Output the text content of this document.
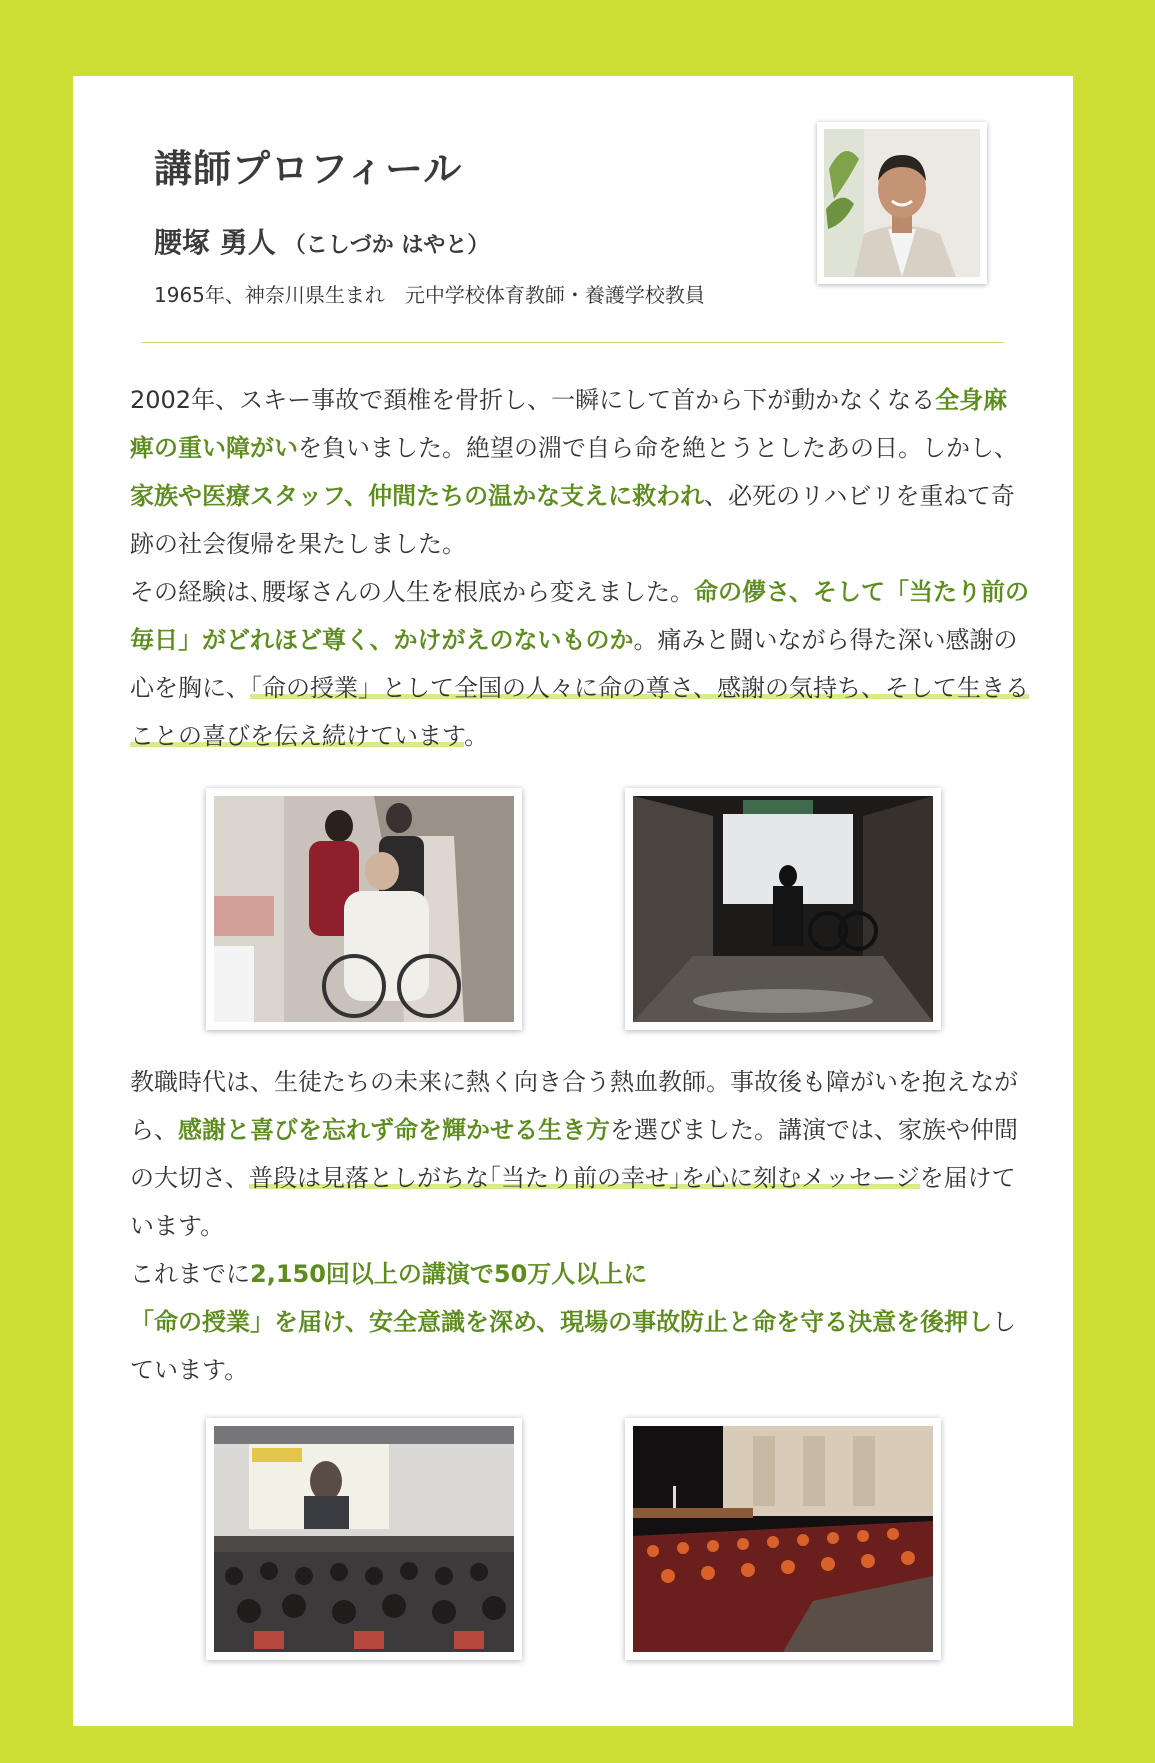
講師プロフィール

腰塚 勇人 （こしづか はやと）

1965年、神奈川県生まれ　元中学校体育教師・養護学校教員

2002年、スキー事故で頚椎を骨折し、一瞬にして首から下が動かなくなる全身麻痺の重い障がいを負いました。絶望の淵で自ら命を絶とうとしたあの日。しかし、家族や医療スタッフ、仲間たちの温かな支えに救われ、必死のリハビリを重ねて奇跡の社会復帰を果たしました。
その経験は､腰塚さんの人生を根底から変えました。命の儚さ、そして「当たり前の毎日」がどれほど尊く、かけがえのないものか。痛みと闘いながら得た深い感謝の心を胸に、「命の授業」として全国の人々に命の尊さ、感謝の気持ち、そして生きることの喜びを伝え続けています。

教職時代は、生徒たちの未来に熱く向き合う熱血教師。事故後も障がいを抱えながら、感謝と喜びを忘れず命を輝かせる生き方を選びました。講演では、家族や仲間の大切さ、普段は見落としがちな｢当たり前の幸せ｣を心に刻むメッセージを届けています。
これまでに2,150回以上の講演で50万人以上に
「命の授業」を届け、安全意識を深め、現場の事故防止と命を守る決意を後押ししています。
